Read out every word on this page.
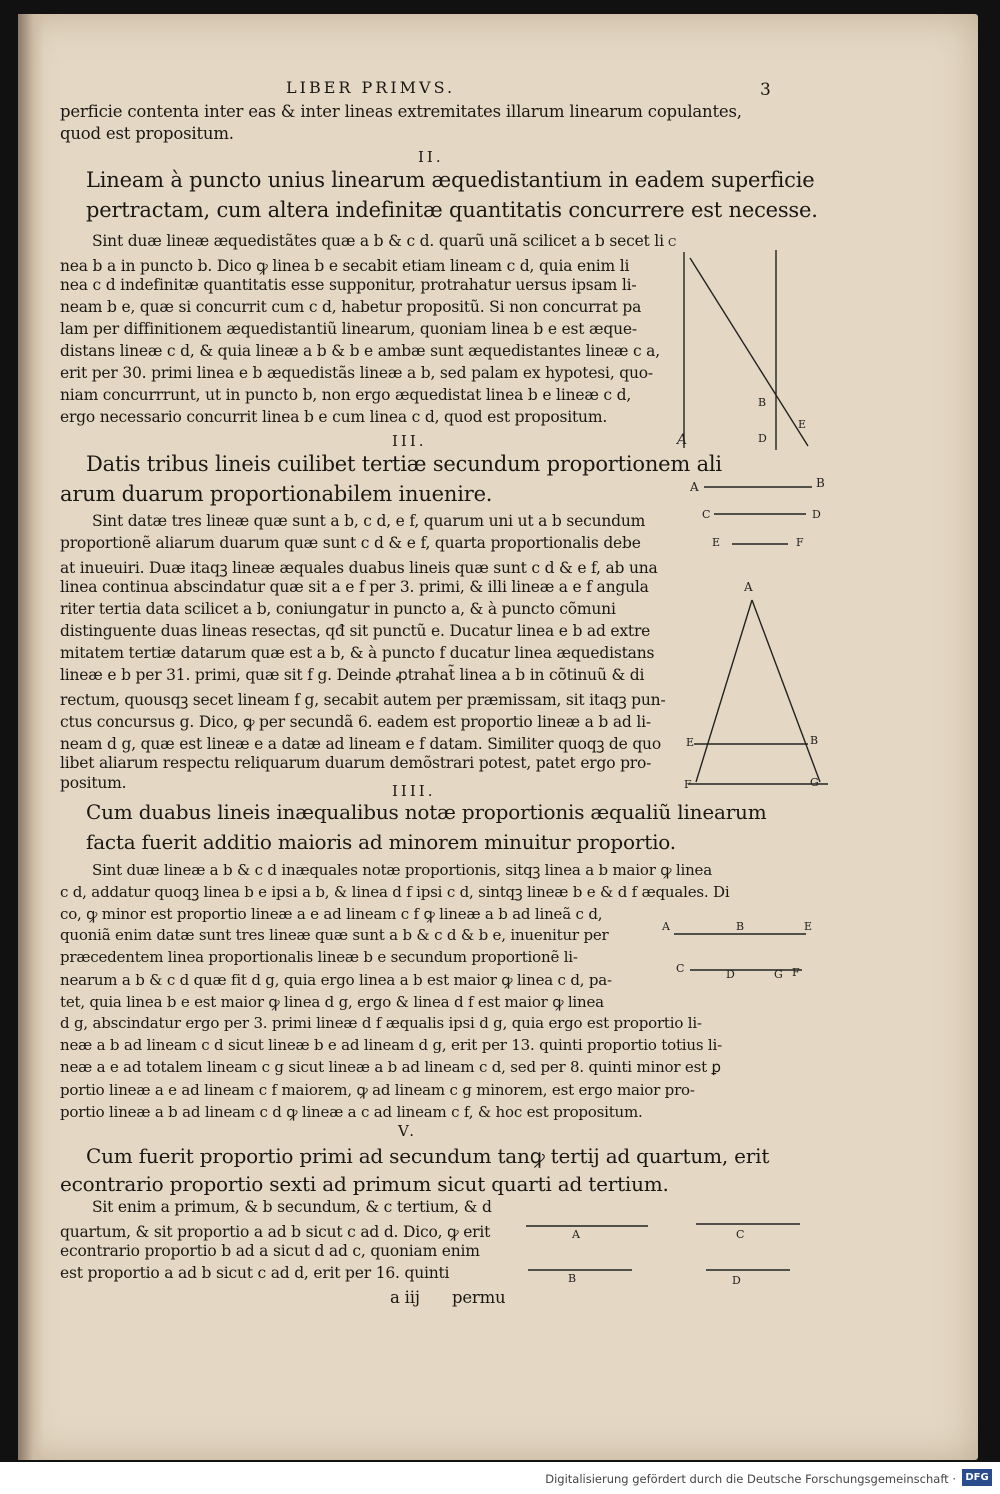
LIBER PRIMVS.	3
perficie contenta inter eas & inter lineas extremitates illarum linearum copulantes,
quod est propositum.
II.
Lineam à puncto unius linearum æquedistantium in eadem superficie
pertractam, cum altera indefinitæ quantitatis concurrere est necesse.
Sint duæ lineæ æquedistãtes quæ a b & c d. quarũ unã scilicet a b secet li
nea b a in puncto b. Dico ꝙ linea b e secabit etiam lineam c d, quia enim li
nea c d indefinitæ quantitatis esse supponitur, protrahatur uersus ipsam li-
neam b e, quæ si concurrit cum c d, habetur propositũ. Si non concurrat pa
lam per diffinitionem æquedistantiũ linearum, quoniam linea b e est æque-
distans lineæ c d, & quia lineæ a b & b e ambæ sunt æquedistantes lineæ c a,
erit per 30. primi linea e b æquedistãs lineæ a b, sed palam ex hypotesi, quo-
niam concurrrunt, ut in puncto b, non ergo æquedistat linea b e lineæ c d,
ergo necessario concurrit linea b e cum linea c d, quod est propositum.
III.
Datis tribus lineis cuilibet tertiæ secundum proportionem ali
arum duarum proportionabilem inuenire.
Sint datæ tres lineæ quæ sunt a b, c d, e f, quarum uni ut a b secundum
proportionẽ aliarum duarum quæ sunt c d & e f, quarta proportionalis debe
at inueuiri. Duæ itaqꝫ lineæ æquales duabus lineis quæ sunt c d & e f, ab una
linea continua abscindatur quæ sit a e f per 3. primi, & illi lineæ a e f angula
riter tertia data scilicet a b, coniungatur in puncto a, & à puncto cõmuni
distinguente duas lineas resectas, qđ sit punctũ e. Ducatur linea e b ad extre
mitatem tertiæ datarum quæ est a b, & à puncto f ducatur linea æquedistans
lineæ e b per 31. primi, quæ sit f g. Deinde ꝓtrahat̃ linea a b in cõtinuũ & di
rectum, quousqꝫ secet lineam f g, secabit autem per præmissam, sit itaqꝫ pun-
ctus concursus g. Dico, ꝙ per secundã 6. eadem est proportio lineæ a b ad li-
neam d g, quæ est lineæ e a datæ ad lineam e f datam. Similiter quoqꝫ de quo
libet aliarum respectu reliquarum duarum demõstrari potest, patet ergo pro-
positum.	IIII.
Cum duabus lineis inæqualibus notæ proportionis æqualiũ linearum
facta fuerit additio maioris ad minorem minuitur proportio.
Sint duæ lineæ a b & c d inæquales notæ proportionis, sitqꝫ linea a b maior ꝙ linea
c d, addatur quoqꝫ linea b e ipsi a b, & linea d f ipsi c d, sintqꝫ lineæ b e & d f æquales. Di
co, ꝙ minor est proportio lineæ a e ad lineam c f ꝙ lineæ a b ad lineã c d,
quoniã enim datæ sunt tres lineæ quæ sunt a b & c d & b e, inuenitur per
præcedentem linea proportionalis lineæ b e secundum proportionẽ li-
nearum a b & c d quæ fit d g, quia ergo linea a b est maior ꝙ linea c d, pa-
tet, quia linea b e est maior ꝙ linea d g, ergo & linea d f est maior ꝙ linea
d g, abscindatur ergo per 3. primi lineæ d f æqualis ipsi d g, quia ergo est proportio li-
neæ a b ad lineam c d sicut lineæ b e ad lineam d g, erit per 13. quinti proportio totius li-
neæ a e ad totalem lineam c g sicut lineæ a b ad lineam c d, sed per 8. quinti minor est ꝑ
portio lineæ a e ad lineam c f maiorem, ꝙ ad lineam c g minorem, est ergo maior pro-
portio lineæ a b ad lineam c d ꝙ lineæ a c ad lineam c f, & hoc est propositum.
V.
Cum fuerit proportio primi ad secundum tanꝙ tertij ad quartum, erit
econtrario proportio sexti ad primum sicut quarti ad tertium.
Sit enim a primum, & b secundum, & c tertium, & d
quartum, & sit proportio a ad b sicut c ad d. Dico, ꝙ erit
econtrario proportio b ad a sicut d ad c, quoniam enim
est proportio a ad b sicut c ad d, erit per 16. quinti
a iij permu
C
A
B
E
D
A	B
C	D
E	F
A
E	B
F	G
A	B	E
C	D	G F
A	C
B	D
Digitalisierung gefördert durch die Deutsche Forschungsgemeinschaft · DFG
